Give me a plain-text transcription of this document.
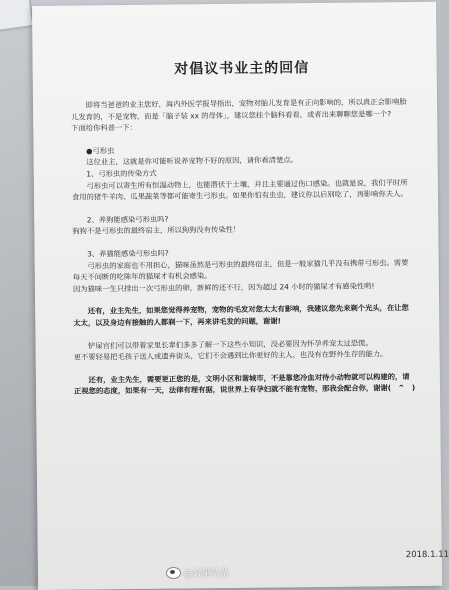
对倡议书业主的回信

即将当爸爸的业主您好，海内外医学报导指出，宠物对胎儿发育是有正向影响的，所以真正会影响胎儿发育的，不是宠物，而是「脑子装 xx 的母体」，建议您挂个脑科看看，或者出来聊聊您是哪一个?

下面给你科普一下：

●弓形虫

这位业主，这就是你可能听说养宠物不好的原因，请你看清楚点。

1、弓形虫的传染方式

弓形虫可以寄生所有恒温动物上，也能潜伏于土壤，并且主要通过伤口感染。也就是说，我们平时所食用的猪牛羊肉、瓜果蔬菜等都可能寄生弓形虫。如果你怕有虫虫，建议你以后别吃了，再影响你夫人。

2、养狗能感染弓形虫吗?

狗狗不是弓形虫的最终宿主，所以狗狗没有传染性！

3、养猫能感染弓形虫吗?

弓形虫的家庭也不用担心，猫咪虽然是弓形虫的最终宿主，但是一般家猫几乎没有携带弓形虫。需要每天不间断的吃陈年的猫屎才有机会感染。

因为猫咪一生只排出一次弓形虫的卵，新鲜的还不行，因为超过 24 小时的猫屎才有感染性哟!

还有，业主先生，如果您觉得养宠物，宠物的毛发对您太太有影响，我建议您先来剃个光头，在让您太太，以及身边有接触的人都剃一下，再来讲毛发的问题，谢谢!

铲屎官们可以带着家里长辈们多多了解一下这些小知识，没必要因为怀孕养宠太过恐慌。

更不要轻易把毛孩子送人或遗弃街头，它们不会遇到比你更好的主人，也没有在野外生存的能力。

还有，业主先生，需要更正您的是，文明小区和谐城市，不是靠您冷血对待小动物就可以构建的，请正视您的态度，如果有一天，法律有理有据，说世界上有孕妇就不能有宠物，那我会配合你，谢谢(　^　)

2018.1.11
@合肥头条
